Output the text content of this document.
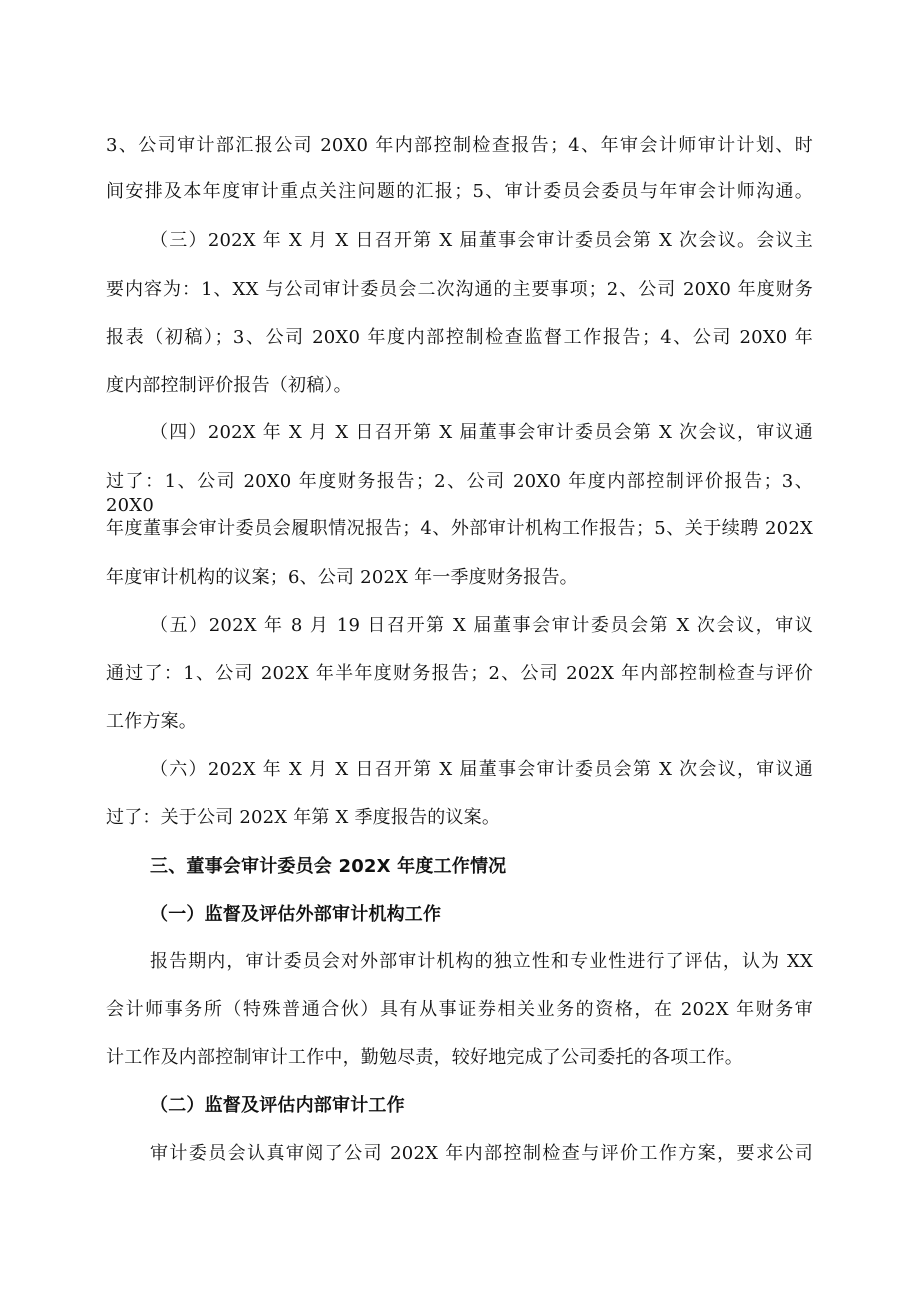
3、公司审计部汇报公司 20X0 年内部控制检查报告；4、年审会计师审计计划、时
间安排及本年度审计重点关注问题的汇报；5、审计委员会委员与年审会计师沟通。
（三）202X 年 X 月 X 日召开第 X 届董事会审计委员会第 X 次会议。会议主
要内容为：1、XX 与公司审计委员会二次沟通的主要事项；2、公司 20X0 年度财务
报表（初稿）；3、公司 20X0 年度内部控制检查监督工作报告；4、公司 20X0 年
度内部控制评价报告（初稿）。
（四）202X 年 X 月 X 日召开第 X 届董事会审计委员会第 X 次会议，审议通
过了：1、公司 20X0 年度财务报告；2、公司 20X0 年度内部控制评价报告；3、20X0
年度董事会审计委员会履职情况报告；4、外部审计机构工作报告；5、关于续聘 202X
年度审计机构的议案；6、公司 202X 年一季度财务报告。
（五）202X 年 8 月 19 日召开第 X 届董事会审计委员会第 X 次会议，审议
通过了：1、公司 202X 年半年度财务报告；2、公司 202X 年内部控制检查与评价
工作方案。
（六）202X 年 X 月 X 日召开第 X 届董事会审计委员会第 X 次会议，审议通
过了：关于公司 202X 年第 X 季度报告的议案。
三、董事会审计委员会 202X 年度工作情况
（一）监督及评估外部审计机构工作
报告期内，审计委员会对外部审计机构的独立性和专业性进行了评估，认为 XX
会计师事务所（特殊普通合伙）具有从事证券相关业务的资格，在 202X 年财务审
计工作及内部控制审计工作中，勤勉尽责，较好地完成了公司委托的各项工作。
（二）监督及评估内部审计工作
审计委员会认真审阅了公司 202X 年内部控制检查与评价工作方案，要求公司
